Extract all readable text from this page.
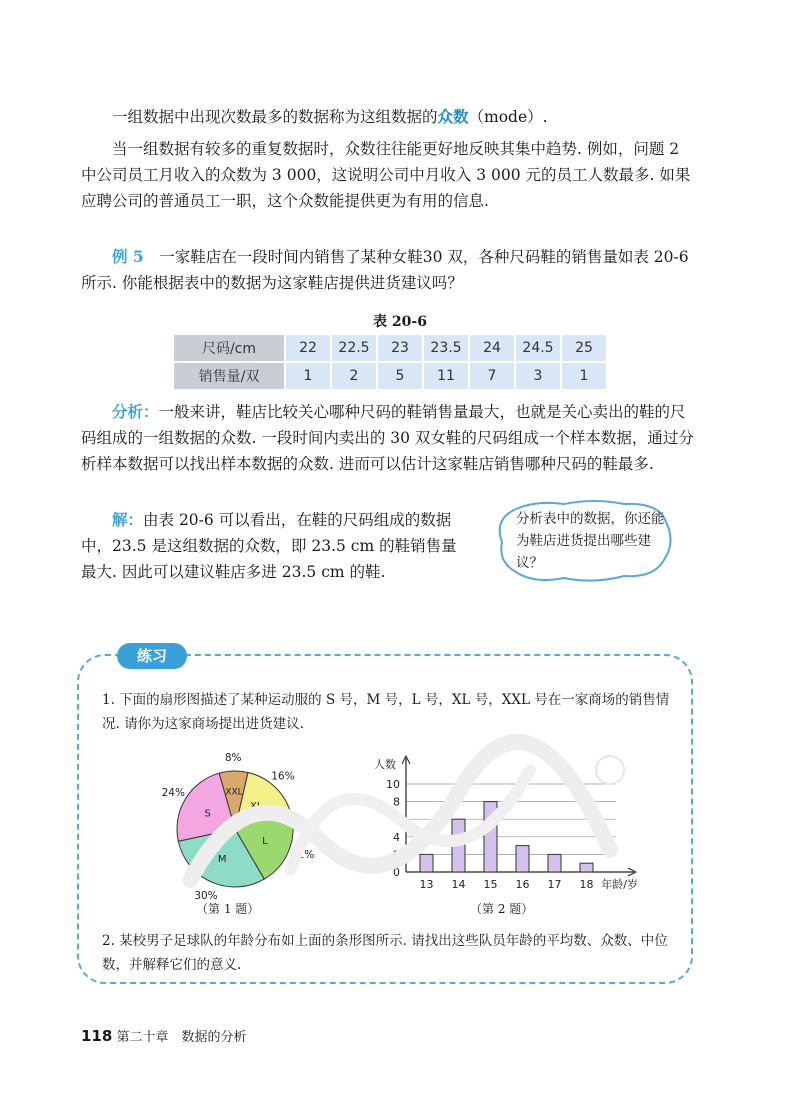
一组数据中出现次数最多的数据称为这组数据的众数（mode）.
当一组数据有较多的重复数据时，众数往往能更好地反映其集中趋势. 例如，问题 2 中公司员工月收入的众数为 3 000，这说明公司中月收入 3 000 元的员工人数最多. 如果应聘公司的普通员工一职，这个众数能提供更为有用的信息.
例 5　 一家鞋店在一段时间内销售了某种女鞋30 双，各种尺码鞋的销售量如表 20-6 所示. 你能根据表中的数据为这家鞋店提供进货建议吗？
表 20-6
尺码/cm	22	22.5	23	23.5	24	24.5	25
销售量/双	1	2	5	11	7	3	1
分析：一般来讲，鞋店比较关心哪种尺码的鞋销售量最大，也就是关心卖出的鞋的尺码组成的一组数据的众数. 一段时间内卖出的 30 双女鞋的尺码组成一个样本数据，通过分析样本数据可以找出样本数据的众数. 进而可以估计这家鞋店销售哪种尺码的鞋最多.
解：由表 20-6 可以看出，在鞋的尺码组成的数据中，23.5 是这组数据的众数，即 23.5 cm 的鞋销售量最大. 因此可以建议鞋店多进 23.5 cm 的鞋.
分析表中的数据，你还能为鞋店进货提出哪些建议？
练习
1. 下面的扇形图描述了某种运动服的 S 号，M 号，L 号，XL 号，XXL 号在一家商场的销售情况. 请你为这家商场提出进货建议.
XXL
8%
XL
16%
L
22%
M
30%
S
24%
（第 1 题）
0
2
4
6
8
10
人数
13 14 15 16 17 18 年龄/岁
（第 2 题）
2. 某校男子足球队的年龄分布如上面的条形图所示. 请找出这些队员年龄的平均数、众数、中位数，并解释它们的意义.
118 第二十章　数据的分析
